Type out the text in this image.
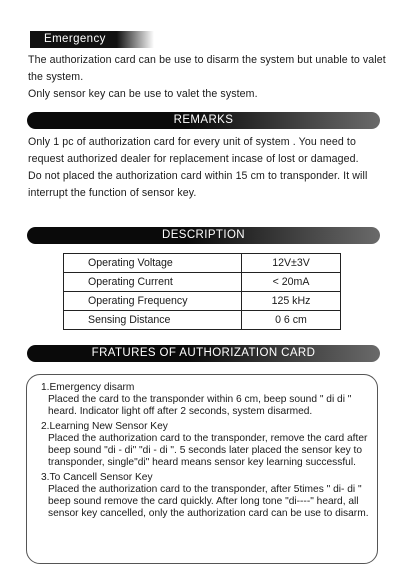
Emergency

The authorization card can be use to disarm the system but unable to valet the system.

Only sensor key can be use to valet the system.

REMARKS

Only 1 pc of authorization card for every unit of system . You need to request authorized dealer for replacement incase of lost or damaged.

Do not placed the authorization card within 15 cm to transponder. It will interrupt the function of sensor key.

DESCRIPTION
Operating Voltage	12V±3V
Operating Current	< 20mA
Operating Frequency	125 kHz
Sensing Distance	0 6 cm
FRATURES OF AUTHORIZATION CARD
1.Emergency disarm
Placed the card to the transponder within 6 cm, beep sound " di di " heard. Indicator light off after 2 seconds, system disarmed.
2.Learning New Sensor Key
Placed the authorization card to the transponder, remove the card after beep sound "di - di" "di - di ". 5 seconds later placed the sensor key to transponder, single"di" heard means sensor key learning successful.
3.To Cancell Sensor Key
Placed the authorization card to the transponder, after 5times " di- di " beep sound remove the card quickly. After long tone "di----" heard, all sensor key cancelled, only the authorization card can be use to disarm.
